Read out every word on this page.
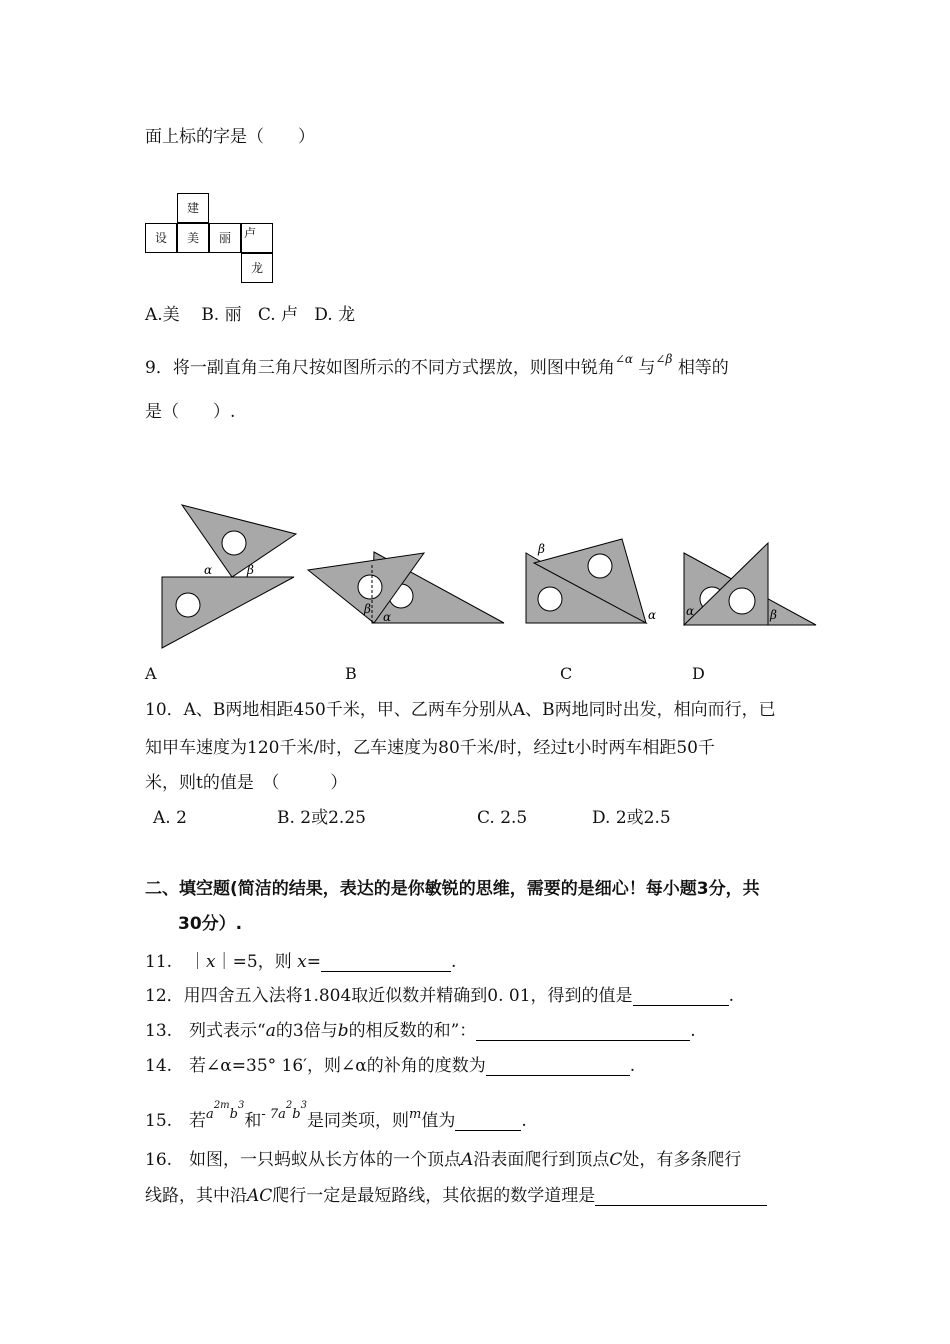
面上标的字是（　　）
建
设	美	丽	卢
龙
A.美 B. 丽 C. 卢 D. 龙
9．将一副直角三角尺按如图所示的不同方式摆放，则图中锐角$^{\angle\alpha}$ 与$^{\angle\beta}$ 相等的
是（　　）.
α	β
β
α
β
α α	β
A	B	C	D
10．A、B两地相距450千米，甲、乙两车分别从A、B两地同时出发，相向而行，已
知甲车速度为120千米/时，乙车速度为80千米/时，经过t小时两车相距50千
米，则t的值是　（　　　）
A. 2	B. 2或2.25	C. 2.5	D. 2或2.5
二、填空题(简洁的结果，表达的是你敏锐的思维，需要的是细心！每小题3分，共
30分）.
11.　｜x｜=5，则 x=	.
12．用四舍五入法将1.804取近似数并精确到0. 01，得到的值是	.
13.　列式表示“a的3倍与b的相反数的和”：	.
14.　若∠α=35° 16′，则∠α的补角的度数为	.
15.　若$^{a^{2m}b^3}$和$^{- 7a^2b^3}$是同类项，则$^m$值为	.
16.　如图，一只蚂蚁从长方体的一个顶点A沿表面爬行到顶点C处，有多条爬行
线路，其中沿AC爬行一定是最短路线，其依据的数学道理是
